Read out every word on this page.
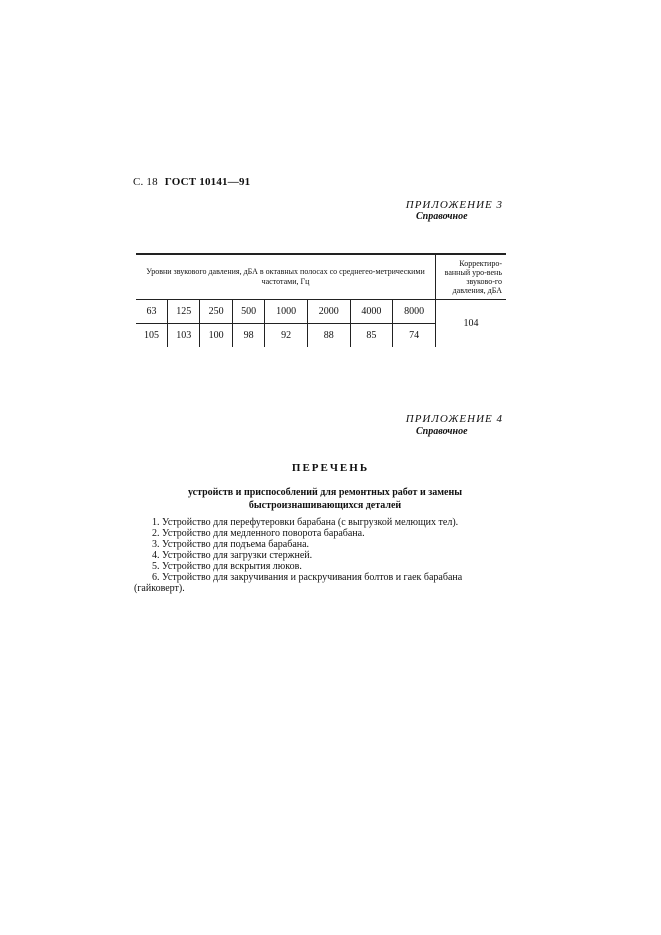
С. 18 ГОСТ 10141—91
ПРИЛОЖЕНИЕ 3
Справочное
Уровни звукового давления, дБА в октавных полосах со среднегео-метрическими частотами, Гц								Корректиро-ванный уро-вень звуково-го давления, дБА
63	125	250	500	1000	2000	4000	8000	104
105	103	100	98	92	88	85	74	
ПРИЛОЖЕНИЕ 4
Справочное
ПЕРЕЧЕНЬ
устройств и приспособлений для ремонтных работ и замены быстроизнашивающихся деталей

1. Устройство для перефутеровки барабана (с выгрузкой мелющих тел).

2. Устройство для медленного поворота барабана.

3. Устройство для подъема барабана.

4. Устройство для загрузки стержней.

5. Устройство для вскрытия люков.

6. Устройство для закручивания и раскручивания болтов и гаек барабана (гайковерт).
